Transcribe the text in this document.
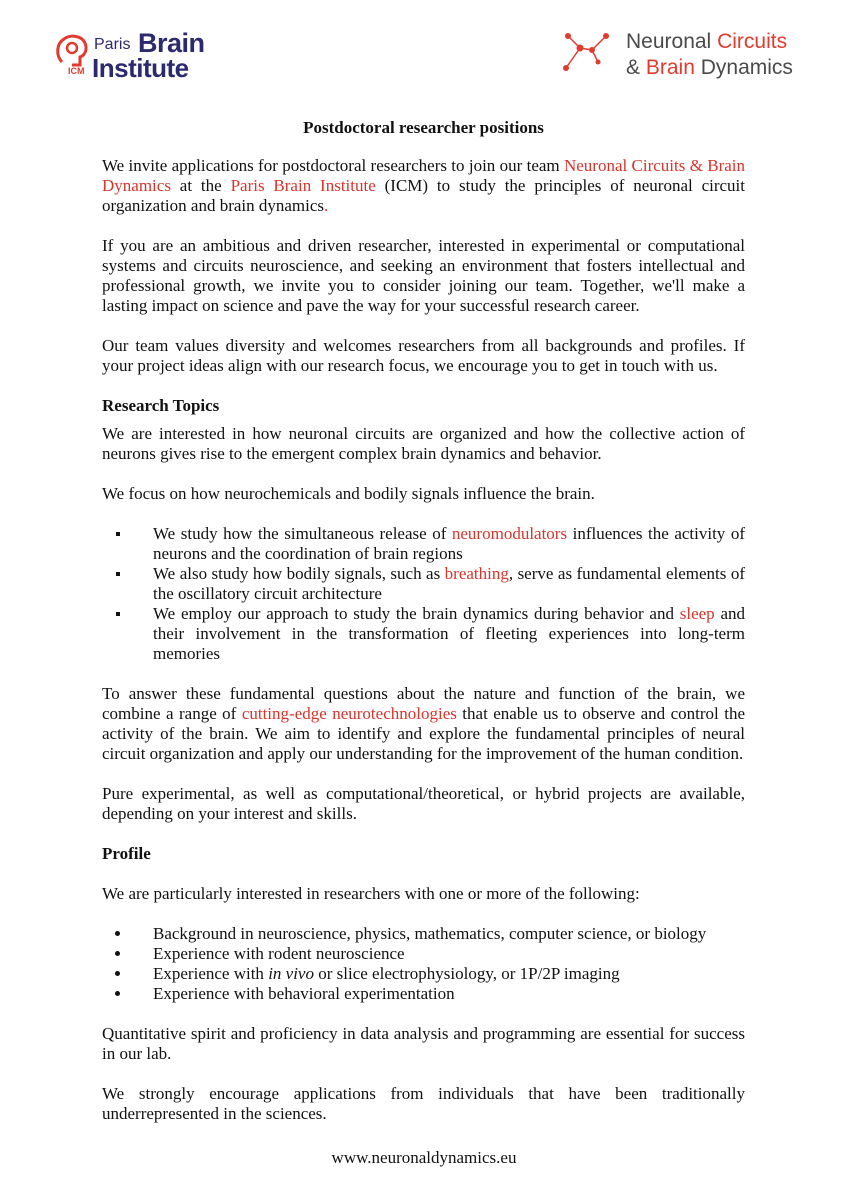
Paris Brain
Institute
ICM
Neuronal Circuits
& Brain Dynamics
Postdoctoral researcher positions

We invite applications for postdoctoral researchers to join our team Neuronal Circuits & Brain Dynamics at the Paris Brain Institute (ICM) to study the principles of neuronal circuit organization and brain dynamics.

If you are an ambitious and driven researcher, interested in experimental or computational systems and circuits neuroscience, and seeking an environment that fosters intellectual and professional growth, we invite you to consider joining our team. Together, we'll make a lasting impact on science and pave the way for your successful research career.

Our team values diversity and welcomes researchers from all backgrounds and profiles. If your project ideas align with our research focus, we encourage you to get in touch with us.

Research Topics

We are interested in how neuronal circuits are organized and how the collective action of neurons gives rise to the emergent complex brain dynamics and behavior.

We focus on how neurochemicals and bodily signals influence the brain.

We study how the simultaneous release of neuromodulators influences the activity of neurons and the coordination of brain regions
We also study how bodily signals, such as breathing, serve as fundamental elements of the oscillatory circuit architecture
We employ our approach to study the brain dynamics during behavior and sleep and their involvement in the transformation of fleeting experiences into long-term memories

To answer these fundamental questions about the nature and function of the brain, we combine a range of cutting-edge neurotechnologies that enable us to observe and control the activity of the brain. We aim to identify and explore the fundamental principles of neural circuit organization and apply our understanding for the improvement of the human condition.

Pure experimental, as well as computational/theoretical, or hybrid projects are available, depending on your interest and skills.

Profile

We are particularly interested in researchers with one or more of the following:

Background in neuroscience, physics, mathematics, computer science, or biology
Experience with rodent neuroscience
Experience with in vivo or slice electrophysiology, or 1P/2P imaging
Experience with behavioral experimentation

Quantitative spirit and proficiency in data analysis and programming are essential for success in our lab.

We strongly encourage applications from individuals that have been traditionally underrepresented in the sciences.

www.neuronaldynamics.eu
